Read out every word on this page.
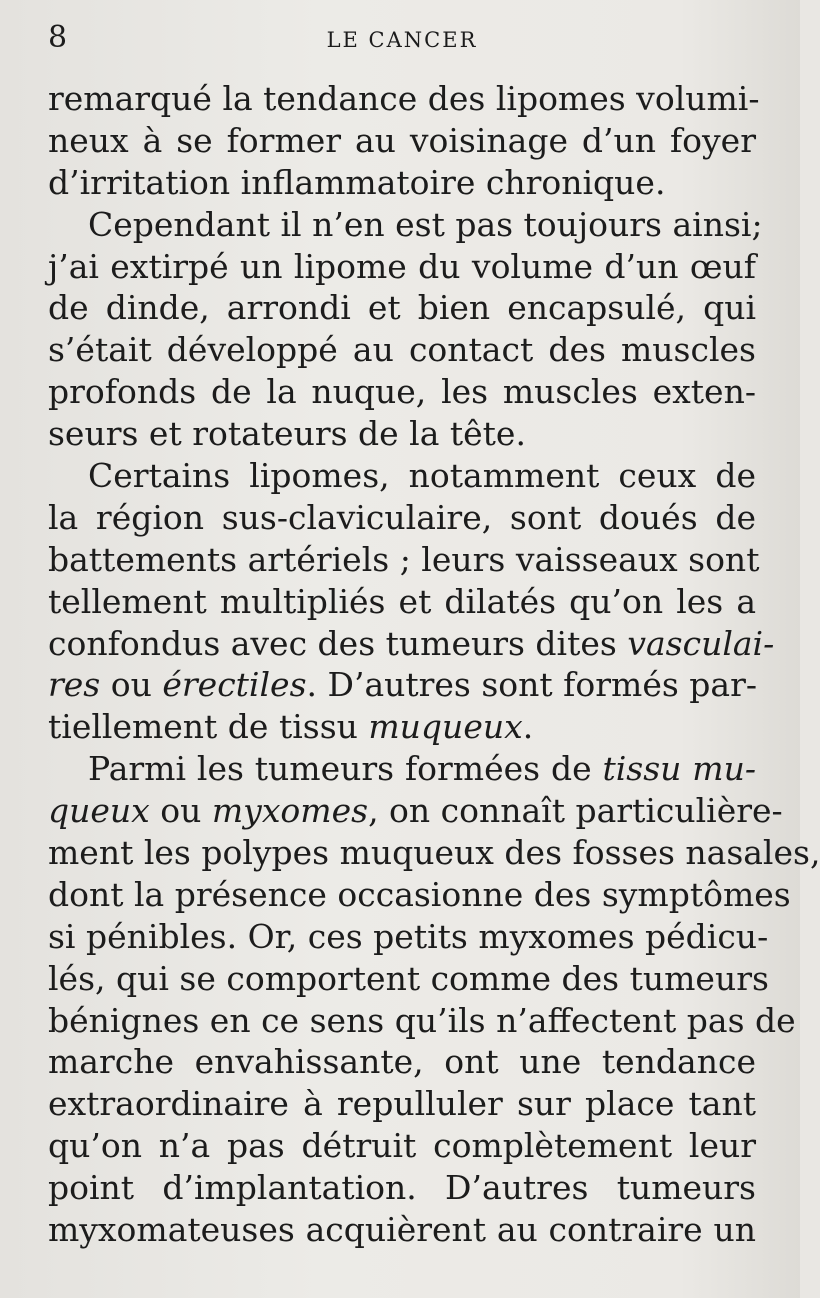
8	LE CANCER
remarqué la tendance des lipomes volumi-
neux à se former au voisinage d’un foyer
d’irritation inflammatoire chronique.
Cependant il n’en est pas toujours ainsi;
j’ai extirpé un lipome du volume d’un œuf
de dinde, arrondi et bien encapsulé, qui
s’était développé au contact des muscles
profonds de la nuque, les muscles exten-
seurs et rotateurs de la tête.
Certains lipomes, notamment ceux de
la région sus-claviculaire, sont doués de
battements artériels ; leurs vaisseaux sont
tellement multipliés et dilatés qu’on les a
confondus avec des tumeurs dites vasculai-
res ou érectiles. D’autres sont formés par-
tiellement de tissu muqueux.
Parmi les tumeurs formées de tissu mu-
queux ou myxomes, on connaît particulière-
ment les polypes muqueux des fosses nasales,
dont la présence occasionne des symptômes
si pénibles. Or, ces petits myxomes pédicu-
lés, qui se comportent comme des tumeurs
bénignes en ce sens qu’ils n’affectent pas de
marche envahissante, ont une tendance
extraordinaire à repulluler sur place tant
qu’on n’a pas détruit complètement leur
point d’implantation. D’autres tumeurs
myxomateuses acquièrent au contraire un
